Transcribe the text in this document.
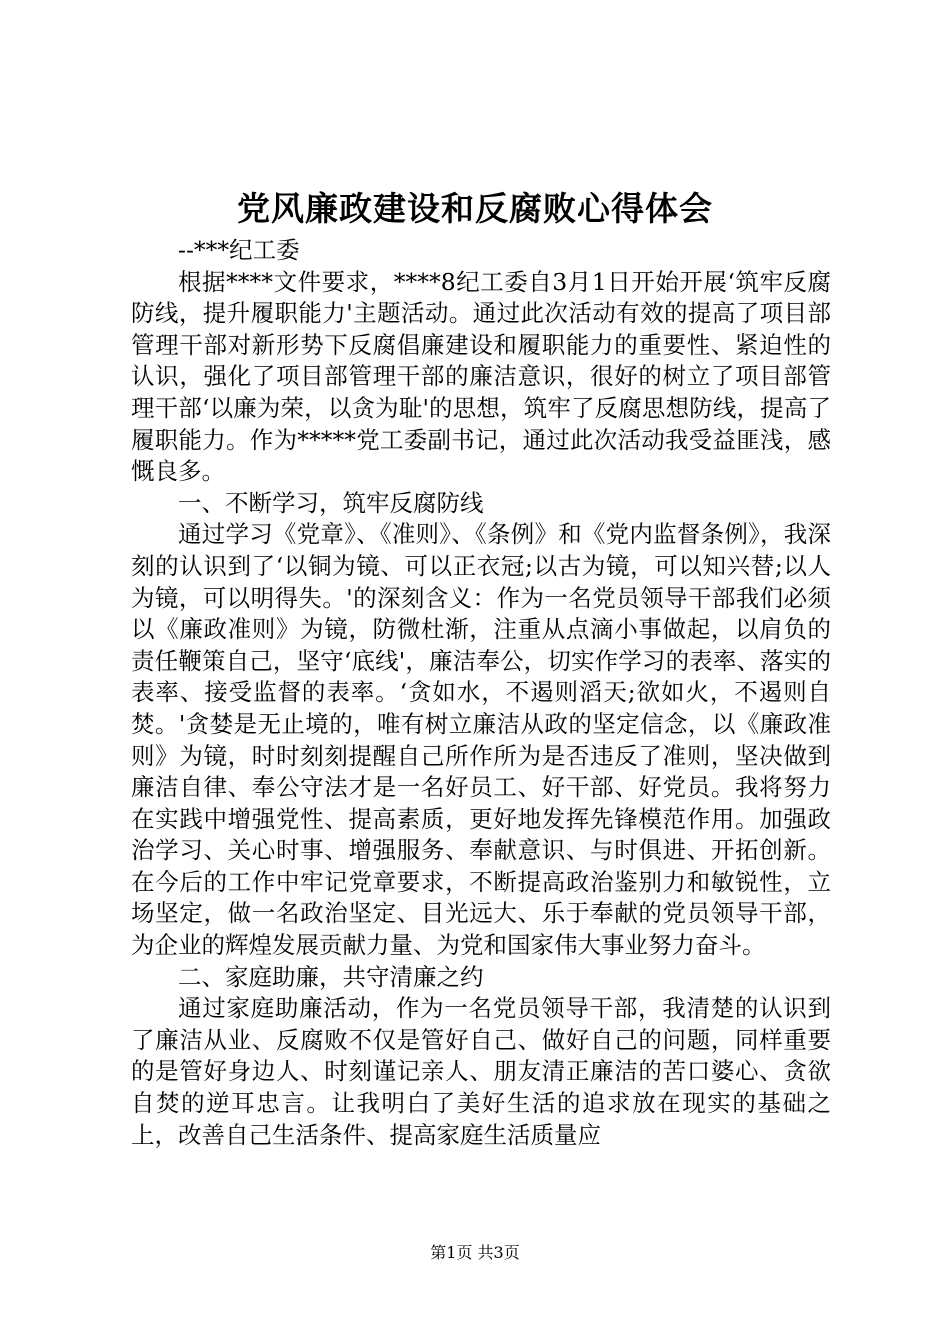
党风廉政建设和反腐败心得体会

--***纪工委

根据****文件要求，****8纪工委自3月1日开始开展‘筑牢反腐防线，提升履职能力'主题活动。通过此次活动有效的提高了项目部管理干部对新形势下反腐倡廉建设和履职能力的重要性、紧迫性的认识，强化了项目部管理干部的廉洁意识，很好的树立了项目部管理干部‘以廉为荣，以贪为耻'的思想，筑牢了反腐思想防线，提高了履职能力。作为*****党工委副书记，通过此次活动我受益匪浅，感慨良多。

一、不断学习，筑牢反腐防线

通过学习《党章》、《准则》、《条例》和《党内监督条例》，我深刻的认识到了‘以铜为镜、可以正衣冠;以古为镜，可以知兴替;以人为镜，可以明得失。'的深刻含义：作为一名党员领导干部我们必须以《廉政准则》为镜，防微杜渐，注重从点滴小事做起，以肩负的责任鞭策自己，坚守‘底线'，廉洁奉公，切实作学习的表率、落实的表率、接受监督的表率。‘贪如水，不遏则滔天;欲如火，不遏则自焚。'贪婪是无止境的，唯有树立廉洁从政的坚定信念，以《廉政准则》为镜，时时刻刻提醒自己所作所为是否违反了准则，坚决做到廉洁自律、奉公守法才是一名好员工、好干部、好党员。我将努力在实践中增强党性、提高素质，更好地发挥先锋模范作用。加强政治学习、关心时事、增强服务、奉献意识、与时俱进、开拓创新。在今后的工作中牢记党章要求，不断提高政治鉴别力和敏锐性，立场坚定，做一名政治坚定、目光远大、乐于奉献的党员领导干部，为企业的辉煌发展贡献力量、为党和国家伟大事业努力奋斗。

二、家庭助廉，共守清廉之约

通过家庭助廉活动，作为一名党员领导干部，我清楚的认识到了廉洁从业、反腐败不仅是管好自己、做好自己的问题，同样重要的是管好身边人、时刻谨记亲人、朋友清正廉洁的苦口婆心、贪欲自焚的逆耳忠言。让我明白了美好生活的追求放在现实的基础之上，改善自己生活条件、提高家庭生活质量应

第1页 共3页
